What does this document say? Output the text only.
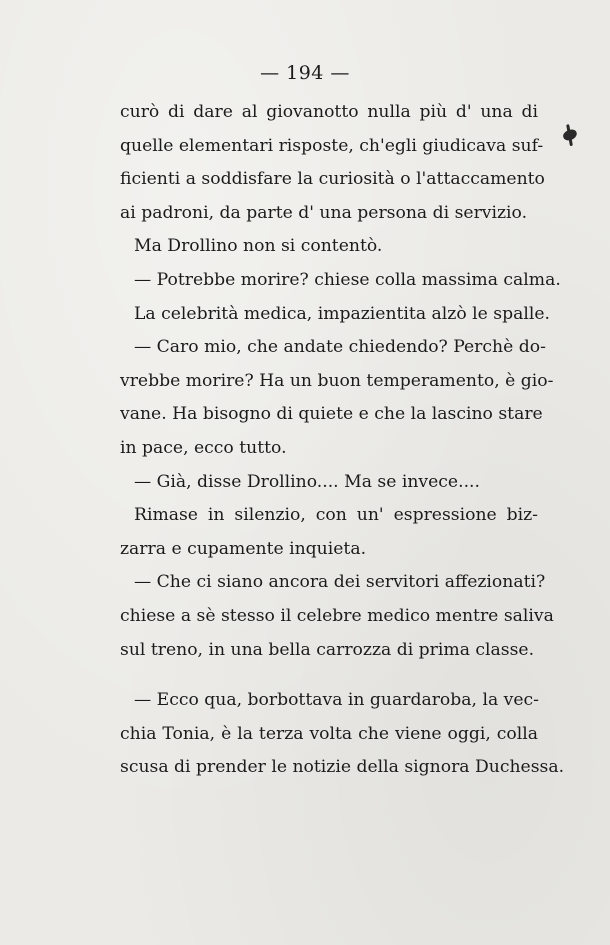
— 194 —
curò di dare al giovanotto nulla più d' una di
quelle elementari risposte, ch'egli giudicava suf-
ficienti a soddisfare la curiosità o l'attaccamento
ai padroni, da parte d' una persona di servizio.
Ma Drollino non si contentò.
— Potrebbe morire? chiese colla massima calma.
La celebrità medica, impazientita alzò le spalle.
— Caro mio, che andate chiedendo? Perchè do-
vrebbe morire? Ha un buon temperamento, è gio-
vane. Ha bisogno di quiete e che la lascino stare
in pace, ecco tutto.
— Già, disse Drollino.... Ma se invece....
Rimase in silenzio, con un' espressione biz-
zarra e cupamente inquieta.
— Che ci siano ancora dei servitori affezionati?
chiese a sè stesso il celebre medico mentre saliva
sul treno, in una bella carrozza di prima classe.
— Ecco qua, borbottava in guardaroba, la vec-
chia Tonia, è la terza volta che viene oggi, colla
scusa di prender le notizie della signora Duchessa.
